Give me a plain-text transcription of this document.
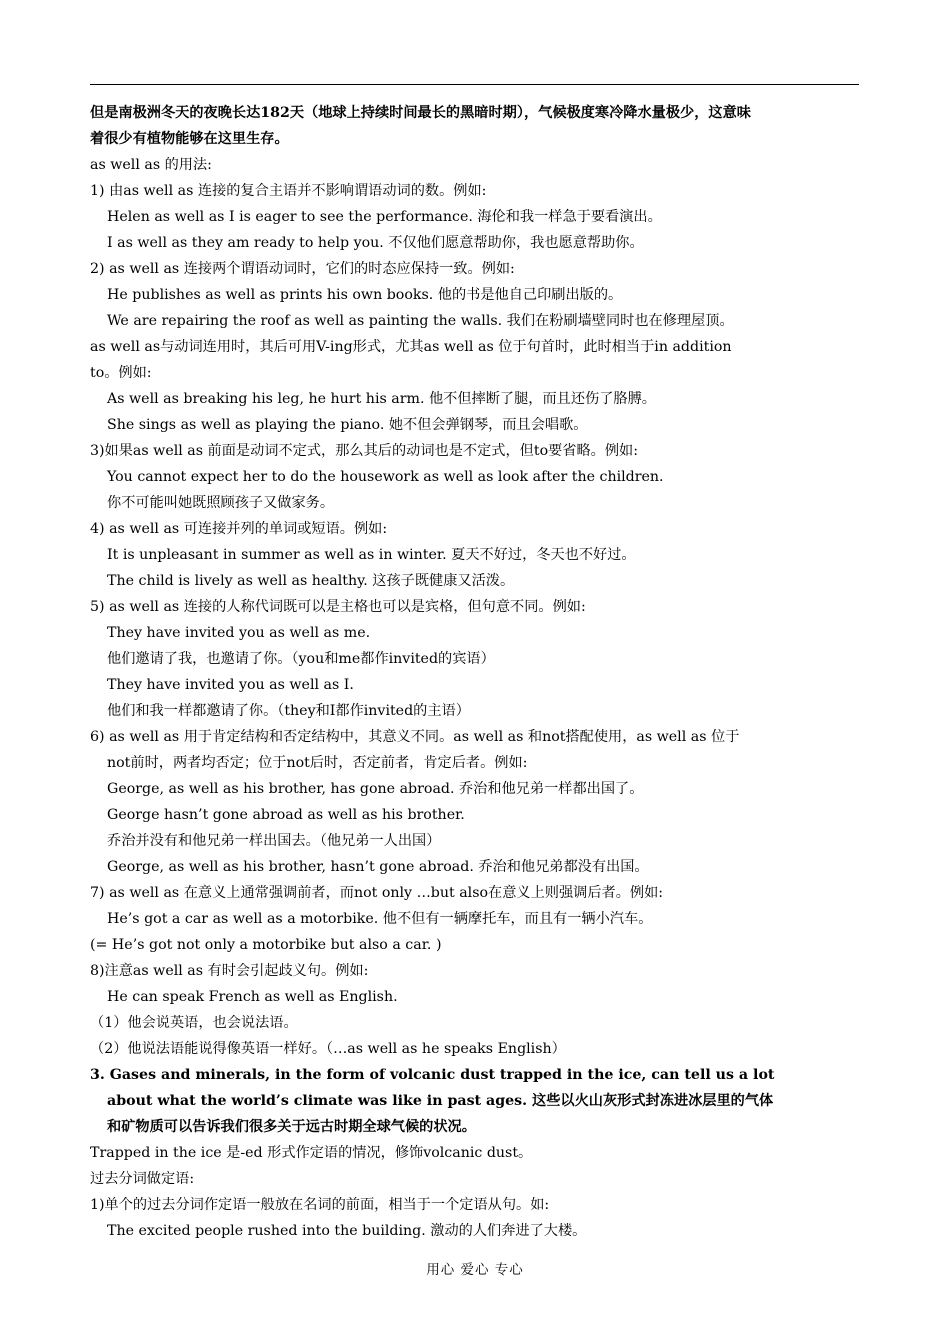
但是南极洲冬天的夜晚长达182天（地球上持续时间最长的黑暗时期），气候极度寒冷降水量极少，这意味
着很少有植物能够在这里生存。
as well as 的用法:
1) 由as well as 连接的复合主语并不影响谓语动词的数。例如:
Helen as well as I is eager to see the performance. 海伦和我一样急于要看演出。
I as well as they am ready to help you. 不仅他们愿意帮助你，我也愿意帮助你。
2) as well as 连接两个谓语动词时，它们的时态应保持一致。例如:
He publishes as well as prints his own books. 他的书是他自己印刷出版的。
We are repairing the roof as well as painting the walls. 我们在粉刷墙壁同时也在修理屋顶。
as well as与动词连用时，其后可用V-ing形式，尤其as well as 位于句首时，此时相当于in addition
to。例如:
As well as breaking his leg, he hurt his arm. 他不但摔断了腿，而且还伤了胳膊。
She sings as well as playing the piano. 她不但会弹钢琴，而且会唱歌。
3)如果as well as 前面是动词不定式，那么其后的动词也是不定式，但to要省略。例如:
You cannot expect her to do the housework as well as look after the children.
你不可能叫她既照顾孩子又做家务。
4) as well as 可连接并列的单词或短语。例如:
It is unpleasant in summer as well as in winter. 夏天不好过，冬天也不好过。
The child is lively as well as healthy. 这孩子既健康又活泼。
5) as well as 连接的人称代词既可以是主格也可以是宾格，但句意不同。例如:
They have invited you as well as me.
他们邀请了我，也邀请了你。（you和me都作invited的宾语）
They have invited you as well as I.
他们和我一样都邀请了你。（they和I都作invited的主语）
6) as well as 用于肯定结构和否定结构中，其意义不同。as well as 和not搭配使用，as well as 位于
not前时，两者均否定；位于not后时，否定前者，肯定后者。例如:
George, as well as his brother, has gone abroad. 乔治和他兄弟一样都出国了。
George hasn’t gone abroad as well as his brother.
乔治并没有和他兄弟一样出国去。（他兄弟一人出国）
George, as well as his brother, hasn’t gone abroad. 乔治和他兄弟都没有出国。
7) as well as 在意义上通常强调前者，而not only …but also在意义上则强调后者。例如:
He’s got a car as well as a motorbike. 他不但有一辆摩托车，而且有一辆小汽车。
(= He’s got not only a motorbike but also a car. )
8)注意as well as 有时会引起歧义句。例如:
He can speak French as well as English.
（1）他会说英语，也会说法语。
（2）他说法语能说得像英语一样好。（…as well as he speaks English）
3. Gases and minerals, in the form of volcanic dust trapped in the ice, can tell us a lot
about what the world’s climate was like in past ages. 这些以火山灰形式封冻进冰层里的气体
和矿物质可以告诉我们很多关于远古时期全球气候的状况。
Trapped in the ice 是-ed 形式作定语的情况，修饰volcanic dust。
过去分词做定语:
1)单个的过去分词作定语一般放在名词的前面，相当于一个定语从句。如:
The excited people rushed into the building. 激动的人们奔进了大楼。
用心 爱心 专心
